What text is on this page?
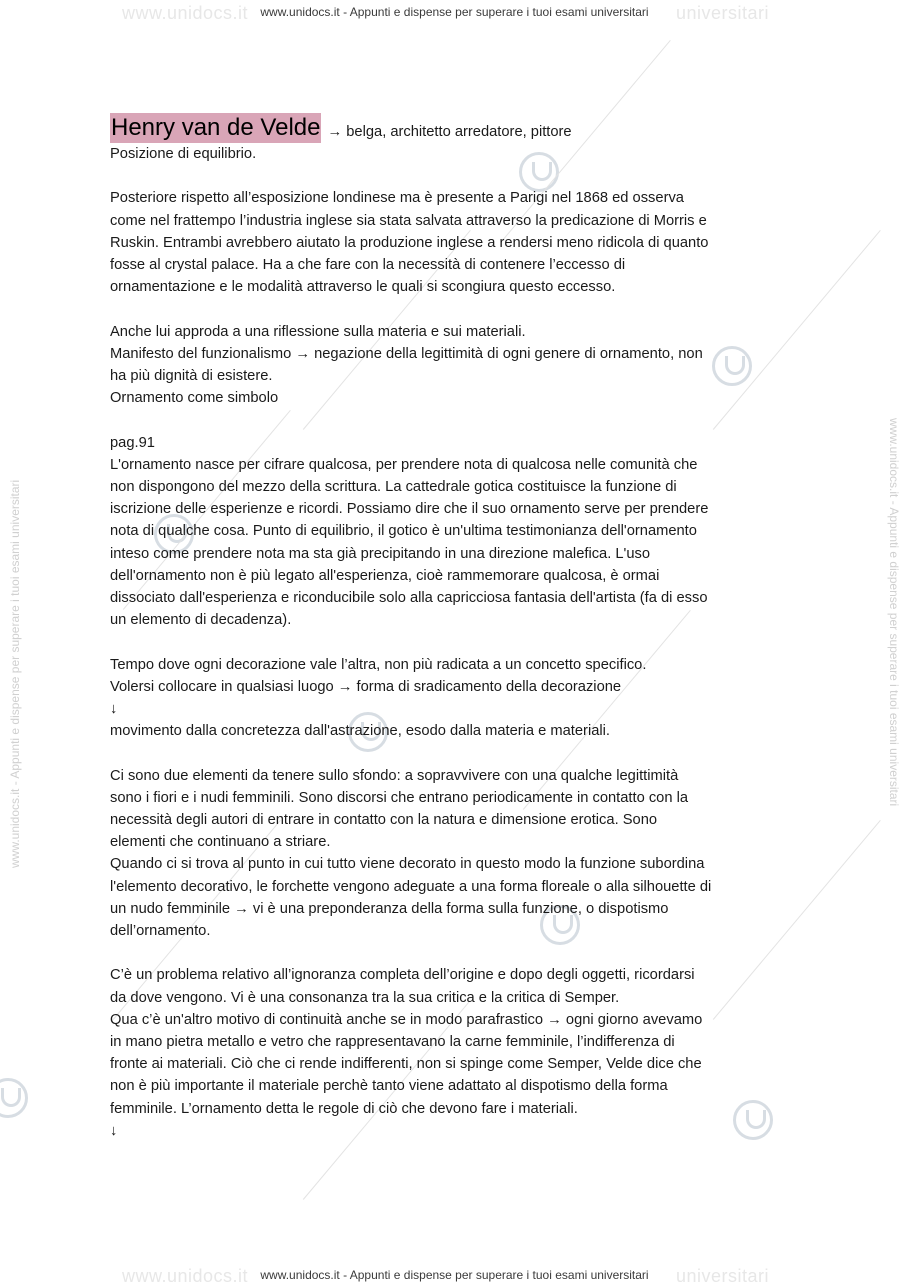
www.unidocs.it	universitari
www.unidocs.it	universitari
www.unidocs.it - Appunti e dispense per superare i tuoi esami universitari
www.unidocs.it - Appunti e dispense per superare i tuoi esami universitari
www.unidocs.it - Appunti e dispense per superare i tuoi esami universitari	www.unidocs.it - Appunti e dispense per superare i tuoi esami universitari
Henry van de Velde → belga, architetto arredatore, pittore

Posizione di equilibrio.

Posteriore rispetto all’esposizione londinese ma è presente a Parigi nel 1868 ed osserva
come nel frattempo l’industria inglese sia stata salvata attraverso la predicazione di Morris e
Ruskin. Entrambi avrebbero aiutato la produzione inglese a rendersi meno ridicola di quanto
fosse al crystal palace. Ha a che fare con la necessità di contenere l’eccesso di
ornamentazione e le modalità attraverso le quali si scongiura questo eccesso.

Anche lui approda a una riflessione sulla materia e sui materiali.
Manifesto del funzionalismo → negazione della legittimità di ogni genere di ornamento, non
ha più dignità di esistere.
Ornamento come simbolo

pag.91
L'ornamento nasce per cifrare qualcosa, per prendere nota di qualcosa nelle comunità che
non dispongono del mezzo della scrittura. La cattedrale gotica costituisce la funzione di
iscrizione delle esperienze e ricordi. Possiamo dire che il suo ornamento serve per prendere
nota di qualche cosa. Punto di equilibrio, il gotico è un'ultima testimonianza dell'ornamento
inteso come prendere nota ma sta già precipitando in una direzione malefica. L'uso
dell'ornamento non è più legato all'esperienza, cioè rammemorare qualcosa, è ormai
dissociato dall'esperienza e riconducibile solo alla capricciosa fantasia dell'artista (fa di esso
un elemento di decadenza).

Tempo dove ogni decorazione vale l’altra, non più radicata a un concetto specifico.
Volersi collocare in qualsiasi luogo → forma di sradicamento della decorazione
↓
movimento dalla concretezza dall'astrazione, esodo dalla materia e materiali.

Ci sono due elementi da tenere sullo sfondo: a sopravvivere con una qualche legittimità
sono i fiori e i nudi femminili. Sono discorsi che entrano periodicamente in contatto con la
necessità degli autori di entrare in contatto con la natura e dimensione erotica. Sono
elementi che continuano a striare.
Quando ci si trova al punto in cui tutto viene decorato in questo modo la funzione subordina
l'elemento decorativo, le forchette vengono adeguate a una forma floreale o alla silhouette di
un nudo femminile → vi è una preponderanza della forma sulla funzione, o dispotismo
dell’ornamento.

C’è un problema relativo all’ignoranza completa dell’origine e dopo degli oggetti, ricordarsi
da dove vengono. Vi è una consonanza tra la sua critica e la critica di Semper.
Qua c’è un'altro motivo di continuità anche se in modo parafrastico → ogni giorno avevamo
in mano pietra metallo e vetro che rappresentavano la carne femminile, l’indifferenza di
fronte ai materiali. Ciò che ci rende indifferenti, non si spinge come Semper, Velde dice che
non è più importante il materiale perchè tanto viene adattato al dispotismo della forma
femminile. L’ornamento detta le regole di ciò che devono fare i materiali.
↓
